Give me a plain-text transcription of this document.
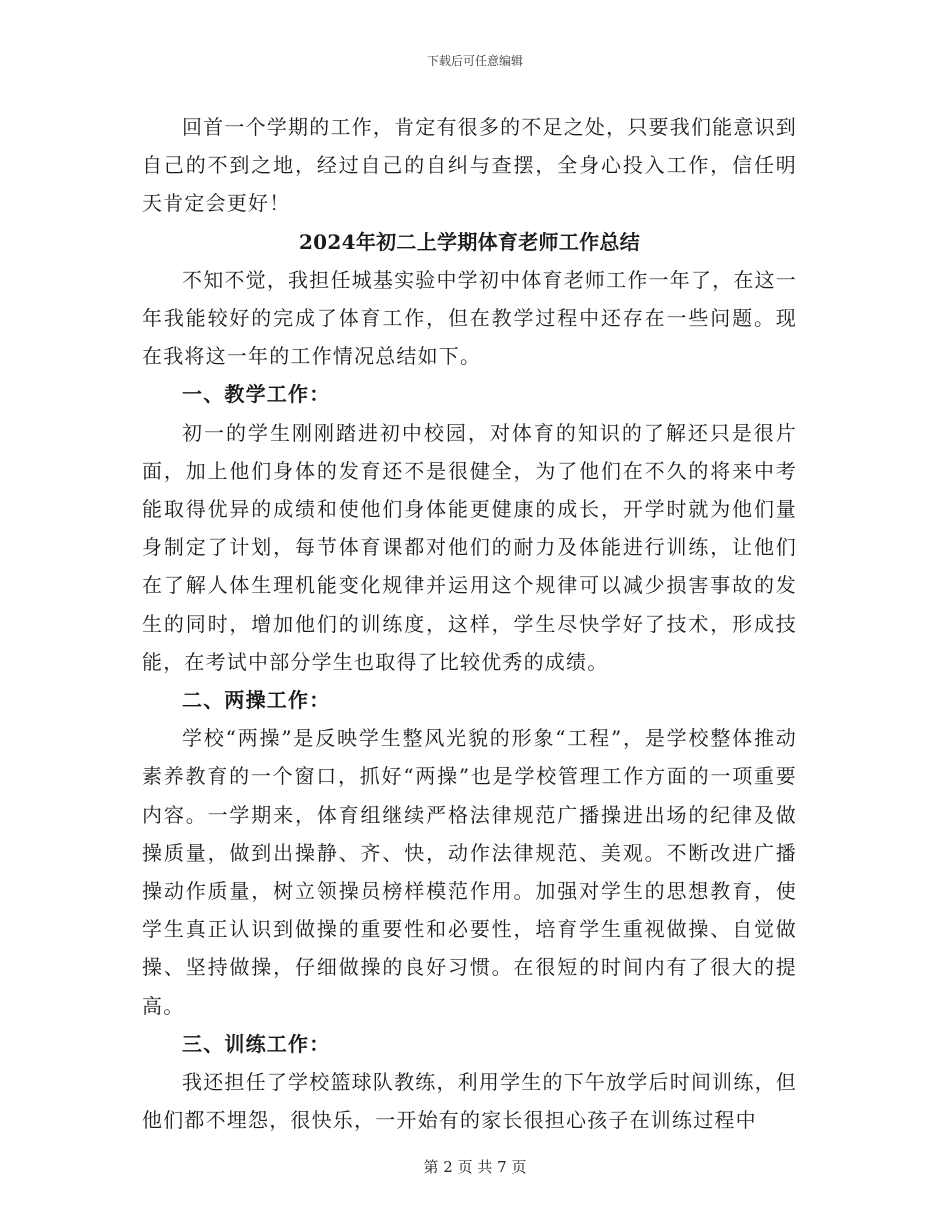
下载后可任意编辑

回首一个学期的工作，肯定有很多的不足之处，只要我们能意识到自己的不到之地，经过自己的自纠与查摆，全身心投入工作，信任明天肯定会更好！

2024年初二上学期体育老师工作总结

不知不觉，我担任城基实验中学初中体育老师工作一年了，在这一年我能较好的完成了体育工作，但在教学过程中还存在一些问题。现在我将这一年的工作情况总结如下。

一、教学工作：

初一的学生刚刚踏进初中校园，对体育的知识的了解还只是很片面，加上他们身体的发育还不是很健全，为了他们在不久的将来中考能取得优异的成绩和使他们身体能更健康的成长，开学时就为他们量身制定了计划，每节体育课都对他们的耐力及体能进行训练，让他们在了解人体生理机能变化规律并运用这个规律可以减少损害事故的发生的同时，增加他们的训练度，这样，学生尽快学好了技术，形成技能，在考试中部分学生也取得了比较优秀的成绩。

二、两操工作：

学校“两操”是反映学生整风光貌的形象“工程”，是学校整体推动素养教育的一个窗口，抓好“两操”也是学校管理工作方面的一项重要内容。一学期来，体育组继续严格法律规范广播操进出场的纪律及做操质量，做到出操静、齐、快，动作法律规范、美观。不断改进广播操动作质量，树立领操员榜样模范作用。加强对学生的思想教育，使学生真正认识到做操的重要性和必要性，培育学生重视做操、自觉做操、坚持做操，仔细做操的良好习惯。在很短的时间内有了很大的提高。

三、训练工作：

我还担任了学校篮球队教练，利用学生的下午放学后时间训练，但他们都不埋怨，很快乐，一开始有的家长很担心孩子在训练过程中

第 2 页 共 7 页
